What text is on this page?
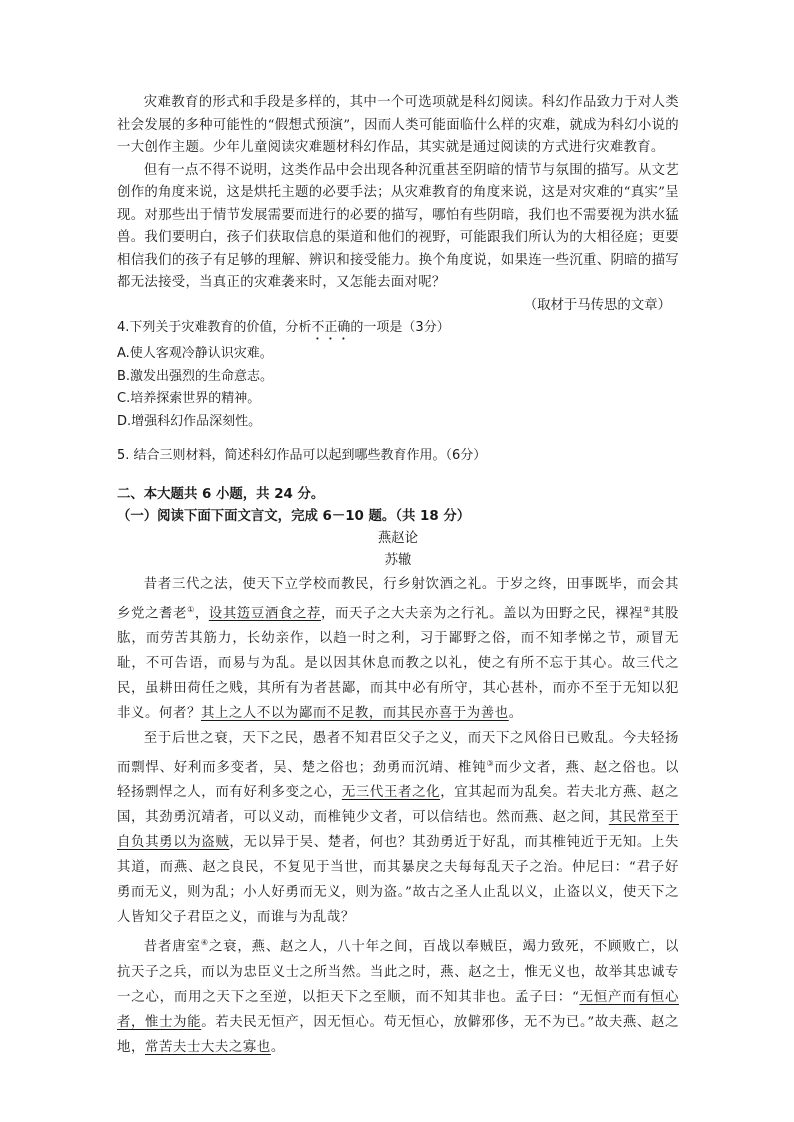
灾难教育的形式和手段是多样的，其中一个可选项就是科幻阅读。科幻作品致力于对人类社会发展的多种可能性的“假想式预演”，因而人类可能面临什么样的灾难，就成为科幻小说的一大创作主题。少年儿童阅读灾难题材科幻作品，其实就是通过阅读的方式进行灾难教育。

但有一点不得不说明，这类作品中会出现各种沉重甚至阴暗的情节与氛围的描写。从文艺创作的角度来说，这是烘托主题的必要手法；从灾难教育的角度来说，这是对灾难的“真实”呈现。对那些出于情节发展需要而进行的必要的描写，哪怕有些阴暗，我们也不需要视为洪水猛兽。我们要明白，孩子们获取信息的渠道和他们的视野，可能跟我们所认为的大相径庭；更要相信我们的孩子有足够的理解、辨识和接受能力。换个角度说，如果连一些沉重、阴暗的描写都无法接受，当真正的灾难袭来时，又怎能去面对呢？

（取材于马传思的文章）

4.下列关于灾难教育的价值，分析不正确的一项是（3分）

A.使人客观冷静认识灾难。

B.激发出强烈的生命意志。

C.培养探索世界的精神。

D.增强科幻作品深刻性。

5. 结合三则材料，简述科幻作品可以起到哪些教育作用。（6分）

二、本大题共 6 小题，共 24 分。

（一）阅读下面下面文言文，完成 6－10 题。（共 18 分）

燕赵论

苏辙

昔者三代之法，使天下立学校而教民，行乡射饮酒之礼。于岁之终，田事既毕，而会其乡党之耆老①，设其笾豆酒食之荐，而天子之大夫亲为之行礼。盖以为田野之民，裸裎②其股肱，而劳苦其筋力，长幼亲作，以趋一时之利，习于鄙野之俗，而不知孝悌之节，顽冒无耻，不可告语，而易与为乱。是以因其休息而教之以礼，使之有所不忘于其心。故三代之民，虽耕田荷任之贱，其所有为者甚鄙，而其中必有所守，其心甚朴，而亦不至于无知以犯非义。何者？其上之人不以为鄙而不足教，而其民亦喜于为善也。

至于后世之衰，天下之民，愚者不知君臣父子之义，而天下之风俗日已败乱。今夫轻扬而剽悍、好利而多变者，吴、楚之俗也；劲勇而沉靖、椎钝③而少文者，燕、赵之俗也。以轻扬剽悍之人，而有好利多变之心，无三代王者之化，宜其起而为乱矣。若夫北方燕、赵之国，其劲勇沉靖者，可以义动，而椎钝少文者，可以信结也。然而燕、赵之间，其民常至于自负其勇以为盗贼，无以异于吴、楚者，何也？其劲勇近于好乱，而其椎钝近于无知。上失其道，而燕、赵之良民，不复见于当世，而其暴戾之夫每每乱天子之治。仲尼曰：“君子好勇而无义，则为乱；小人好勇而无义，则为盗。”故古之圣人止乱以义，止盗以义，使天下之人皆知父子君臣之义，而谁与为乱哉？

昔者唐室④之衰，燕、赵之人，八十年之间，百战以奉贼臣，竭力致死，不顾败亡，以抗天子之兵，而以为忠臣义士之所当然。当此之时，燕、赵之士，惟无义也，故举其忠诚专一之心，而用之天下之至逆，以拒天下之至顺，而不知其非也。孟子曰：“无恒产而有恒心者，惟士为能。若夫民无恒产，因无恒心。苟无恒心，放僻邪侈，无不为已。”故夫燕、赵之地，常苦夫士大夫之寡也。
